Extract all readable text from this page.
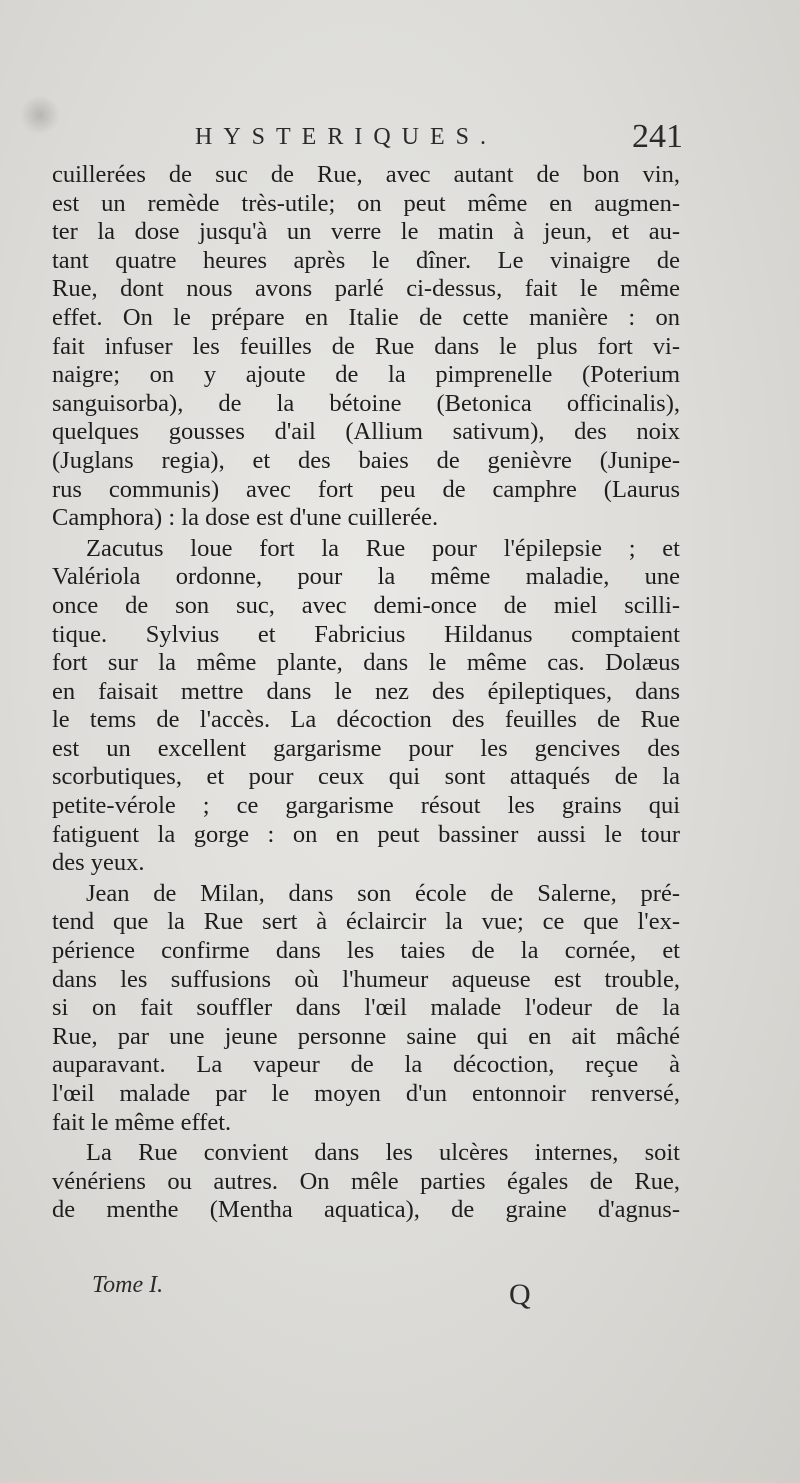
HYSTERIQUES.	241

cuillerées de suc de Rue, avec autant de bon vin,

est un remède très-utile; on peut même en augmen-

ter la dose jusqu'à un verre le matin à jeun, et au-

tant quatre heures après le dîner. Le vinaigre de

Rue, dont nous avons parlé ci-dessus, fait le même

effet. On le prépare en Italie de cette manière : on

fait infuser les feuilles de Rue dans le plus fort vi-

naigre; on y ajoute de la pimprenelle (Poterium

sanguisorba), de la bétoine (Betonica officinalis),

quelques gousses d'ail (Allium sativum), des noix

(Juglans regia), et des baies de genièvre (Junipe-

rus communis) avec fort peu de camphre (Laurus

Camphora) : la dose est d'une cuillerée.

Zacutus loue fort la Rue pour l'épilepsie ; et

Valériola ordonne, pour la même maladie, une

once de son suc, avec demi-once de miel scilli-

tique. Sylvius et Fabricius Hildanus comptaient

fort sur la même plante, dans le même cas. Dolæus

en faisait mettre dans le nez des épileptiques, dans

le tems de l'accès. La décoction des feuilles de Rue

est un excellent gargarisme pour les gencives des

scorbutiques, et pour ceux qui sont attaqués de la

petite-vérole ; ce gargarisme résout les grains qui

fatiguent la gorge : on en peut bassiner aussi le tour

des yeux.

Jean de Milan, dans son école de Salerne, pré-

tend que la Rue sert à éclaircir la vue; ce que l'ex-

périence confirme dans les taies de la cornée, et

dans les suffusions où l'humeur aqueuse est trouble,

si on fait souffler dans l'œil malade l'odeur de la

Rue, par une jeune personne saine qui en ait mâché

auparavant. La vapeur de la décoction, reçue à

l'œil malade par le moyen d'un entonnoir renversé,

fait le même effet.

La Rue convient dans les ulcères internes, soit

vénériens ou autres. On mêle parties égales de Rue,

de menthe (Mentha aquatica), de graine d'agnus-

Tome I.	Q
